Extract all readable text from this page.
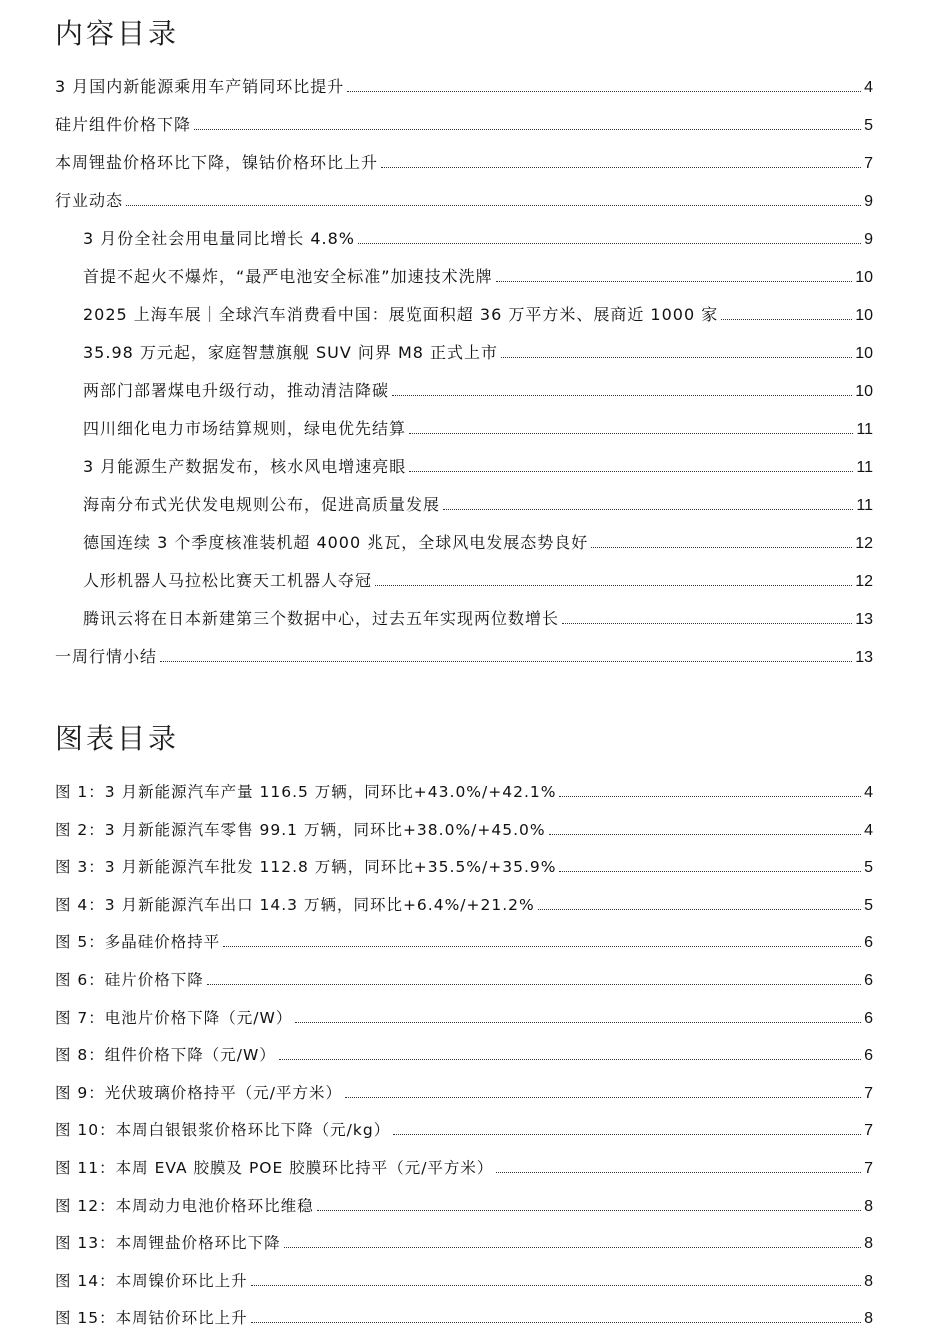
内容目录
3 月国内新能源乘用车产销同环比提升	4
硅片组件价格下降	5
本周锂盐价格环比下降，镍钴价格环比上升	7
行业动态	9
3 月份全社会用电量同比增长 4.8%	9
首提不起火不爆炸，“最严电池安全标准”加速技术洗牌	10
2025 上海车展｜全球汽车消费看中国：展览面积超 36 万平方米、展商近 1000 家	10
35.98 万元起，家庭智慧旗舰 SUV 问界 M8 正式上市	10
两部门部署煤电升级行动，推动清洁降碳	10
四川细化电力市场结算规则，绿电优先结算	11
3 月能源生产数据发布，核水风电增速亮眼	11
海南分布式光伏发电规则公布，促进高质量发展	11
德国连续 3 个季度核准装机超 4000 兆瓦，全球风电发展态势良好	12
人形机器人马拉松比赛天工机器人夺冠	12
腾讯云将在日本新建第三个数据中心，过去五年实现两位数增长	13
一周行情小结	13
图表目录
图 1：3 月新能源汽车产量 116.5 万辆，同环比+43.0%/+42.1%	4
图 2：3 月新能源汽车零售 99.1 万辆，同环比+38.0%/+45.0%	4
图 3：3 月新能源汽车批发 112.8 万辆，同环比+35.5%/+35.9%	5
图 4：3 月新能源汽车出口 14.3 万辆，同环比+6.4%/+21.2%	5
图 5：多晶硅价格持平	6
图 6：硅片价格下降	6
图 7：电池片价格下降（元/W）	6
图 8：组件价格下降（元/W）	6
图 9：光伏玻璃价格持平（元/平方米）	7
图 10：本周白银银浆价格环比下降（元/kg）	7
图 11：本周 EVA 胶膜及 POE 胶膜环比持平（元/平方米）	7
图 12：本周动力电池价格环比维稳	8
图 13：本周锂盐价格环比下降	8
图 14：本周镍价环比上升	8
图 15：本周钴价环比上升	8
